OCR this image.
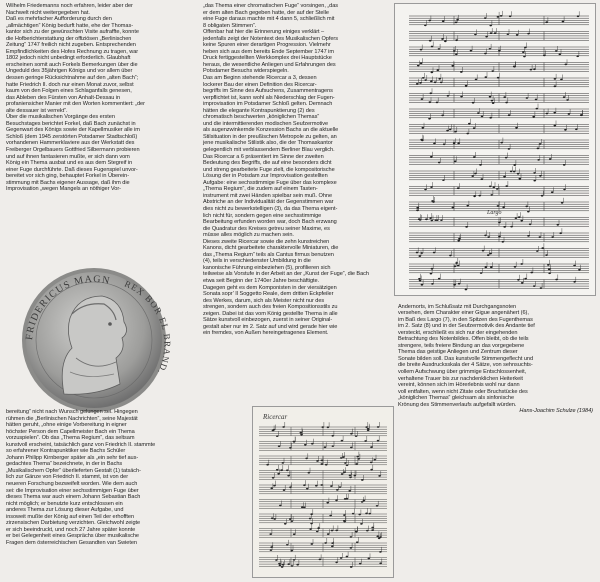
Wilhelm Friedemanns noch erfahren, leider aber der
Nachwelt nicht weitergegeben hat.
Daß es mehrfacher Aufforderung durch den
„allmächtigen“ König bedurft hatte, ehe der Thomas-
kantor sich zu der gewünschten Visite aufraffte, konnte
die Hofberichterstattung der offiziösen „Berlinischen
Zeitung“ 1747 freilich nicht zugeben. Entsprechenden
Empfindlichkeiten des Hofes Rechnung zu tragen, war
1802 jedoch nicht unbedingt erforderlich. Glaubhaft
erscheinen somit auch Forkels Bemerkungen über die
Ungeduld des 35jährigen Königs und vor allem über
dessen geringe Rücksichtnahme auf den „alten Bach“;
hatte Friedrich II. doch nur einen Monat zuvor, selbst
kaum von den Folgen eines Schlaganfalls genesen,
das Ableben des Fürsten von Anhalt-Dessau in
profaniensicher Manier mit den Worten kommentiert: „der
alte dessauer ist verrekt“.
Über die musikalischen Vorgänge des ersten
Besuchstages berichtet Forkel, daß Bach zunächst in
Gegenwart des Königs sowie der Kapellmusiker alle im
Schloß (dem 1945 zerstörten Potsdamer Stadtschloß)
vorhandenen Hammerklaviere aus der Werkstatt des
Freiberger Orgelbauers Gottfried Silbermann probieren
und auf ihnen fantasieren mußte, er sich dann vom
König ein Thema ausbat und es aus dem Stegreif in
einer Fuge durchführte. Daß dieses Fugenspiel unvor-
bereitet vor sich ging, behauptet Forkel in Überein-
stimmung mit Bachs eigener Aussage, daß ihm die
Improvisation „wegen Mangels an nöthiger Vor-
„das Thema einer chromatischen Fuge“ vorsingen, „das
er dem alten Bach gegeben hatte, der auf der Stelle
eine Fuge daraus machte mit 4 dann 5, schließlich mit
8 obligaten Stimmen“.
Offenbar hat hier die Erinnerung einiges verklärt –
jedenfalls zeigt der Notentext des Musikalischen Opfers
keine Spuren einer derartigen Progression. Vielmehr
heben sich aus dem bereits Ende September 1747 im
Druck fertiggestellten Werkkomplex drei Hauptstücke
heraus, die wesentliche Anliegen und Erfahrungen des
Potsdamer Besuchs widerspiegeln.
Das am Beginn stehende Ricercar a 3, dessen
lockerer Bau der einen Definition des Ricercar-
begriffs im Sinne des Aufsuchens, Zusammentragens
verpflichtet ist, kann wohl als Niederschlag der Fugen-
improvisation im Potsdamer Schloß gelten. Demnach
hätten die elegante Kontrapunktierung (2) des
chromatisch beschwerten „königlichen Themas“
und die intermittierenden modischen Seufzermotive
als augenzwinkernde Konzession Bachs an die aktuelle
Stilsituation in der preußischen Metropole zu gelten, an
jene musikalische Stilistik also, die der Thomaskantor
gelegentlich mit verblassendem Berliner Blau verglich.
Das Ricercar a 6 präsentiert im Sinne der zweiten
Bedeutung des Begriffs, die auf eine besonders dicht
und streng gearbeitete Fuge zielt, die kompositorische
Lösung der in Potsdam zur Improvisation gestellten
Aufgabe: eine sechsstimmige Fuge über das komplexe
„Thema Regium“, die zudem auf einem Tasten-
instrument mit zwei Händen spielbar sein muß. Ohne
Abstriche an der Individualität der Gegenstimmen war
dies nicht zu bewerkstelligen (3), da das Thema eigent-
lich nicht für, sondern gegen eine sechsstimmige
Bearbeitung erfunden worden war, doch Bach erzwang
die Quadratur des Kreises getreu seiner Maxime, es
müsse alles möglich zu machen sein.
Dieses zweite Ricercar sowie die zehn kunstreichen
Kanons, dicht gearbeitete charaktervolle Miniaturen, die
das „Thema Regium“ teils als Cantus firmus benutzen
(4), teils in verschiedenster Umbildung in die
kanonische Führung einbeziehen (5), profilieren sich
teilweise als Vorstufe in der Arbeit an der „Kunst der Fuge“, die Bach
etwa seit Beginn der 1740er Jahre beschäftigte.
Dagegen geht es dem Komponisten in der viersätzigen
Sonata sopr’ Il Soggetto Reale, dem dritten Eckpfeiler
des Werkes, darum, sich als Meister nicht nur des
strengen, sondern auch des freien Kompositionsstils zu
zeigen. Dabei ist das vom König gestellte Thema in alle
Sätze kunstvoll einbezogen, zuerst in seiner Original-
gestalt aber nur im 2. Satz auf und wird gerade hier wie
ein fremdes, von Außen hereingetragenes Element.
FRIDERICUS MAGN REX BOR EL BRAND.
bereitung“ nicht nach Wunsch gelungen sei. Hingegen
rühmen die „Berlinischen Nachrichten“, seine Majestät
hätten geruht, „ohne einige Vorbereitung in eigner
höchster Person dem Capellmeister Bach ein Thema
vorzuspielen“. Ob das „Thema Regium“, das seltsam
kunstvoll erscheint, tatsächlich ganz von Friedrich II. stammte
so erfahrener Kontrapunktiker wie Bachs Schüler
Johann Philipp Kirnberger später als „ein sehr tief aus-
gedachtes Thema“ bezeichnete, in der in Bachs
„Musikalischem Opfer“ überlieferten Gestalt (1) tatsäch-
lich zur Gänze von Friedrich II. stammt, ist von der
neueren Forschung bezweifelt worden. Wie dem auch
sei: die Improvisation einer sechsstimmigen Fuge über
dieses Thema war auch einem Johann Sebastian Bach
nicht möglich; er benutzte kurz entschlossen ein
anderes Thema zur Lösung dieser Aufgabe, und
insoweit mußte der König auf einen Teil der erhofften
zirzensischen Darbietung verzichten. Gleichwohl zeigte
er sich beeindruckt, und noch 27 Jahre später konnte
er bei Gelegenheit eines Gesprächs über musikalische
Fragen dem österreichischen Gesandten van Swieten
Largo

Andernorts, im Schlußsatz mit Durchgangsnoten
versehen, dem Charakter einer Gigue angenähert (6),
im Baß des Largo (7), in den Spitzen des Fugenthemas
im 2. Satz (8) und in der Seufzermotivik des Andante tief
versteckt, erschließt es sich nur der eingehenden
Betrachtung des Notenbildes. Offen bleibt, ob die teils
strengere, teils freiere Bindung an das vorgegebene
Thema das geistige Anliegen und Zentrum dieser
Sonate bilden soll. Das kunstvolle Stimmengeflecht und
die breite Ausdrucksskala der 4 Sätze, von sehnsuchts-
vollem Aufschwung über grimmige Entschlossenheit,
verhaltene Trauer bis zur nachdenklichen Heiterkeit
vereint, können sich im Hörerlebnis wohl nur dann
voll entfalten, wenn nicht Zitate oder Bruchstücke des
„königlichen Themas“ gleichsam als sinfonische
Krönung des Stimmenverlaufs aufgefallt würden.

Hans-Joachim Schulze (1984)

Ricercar
